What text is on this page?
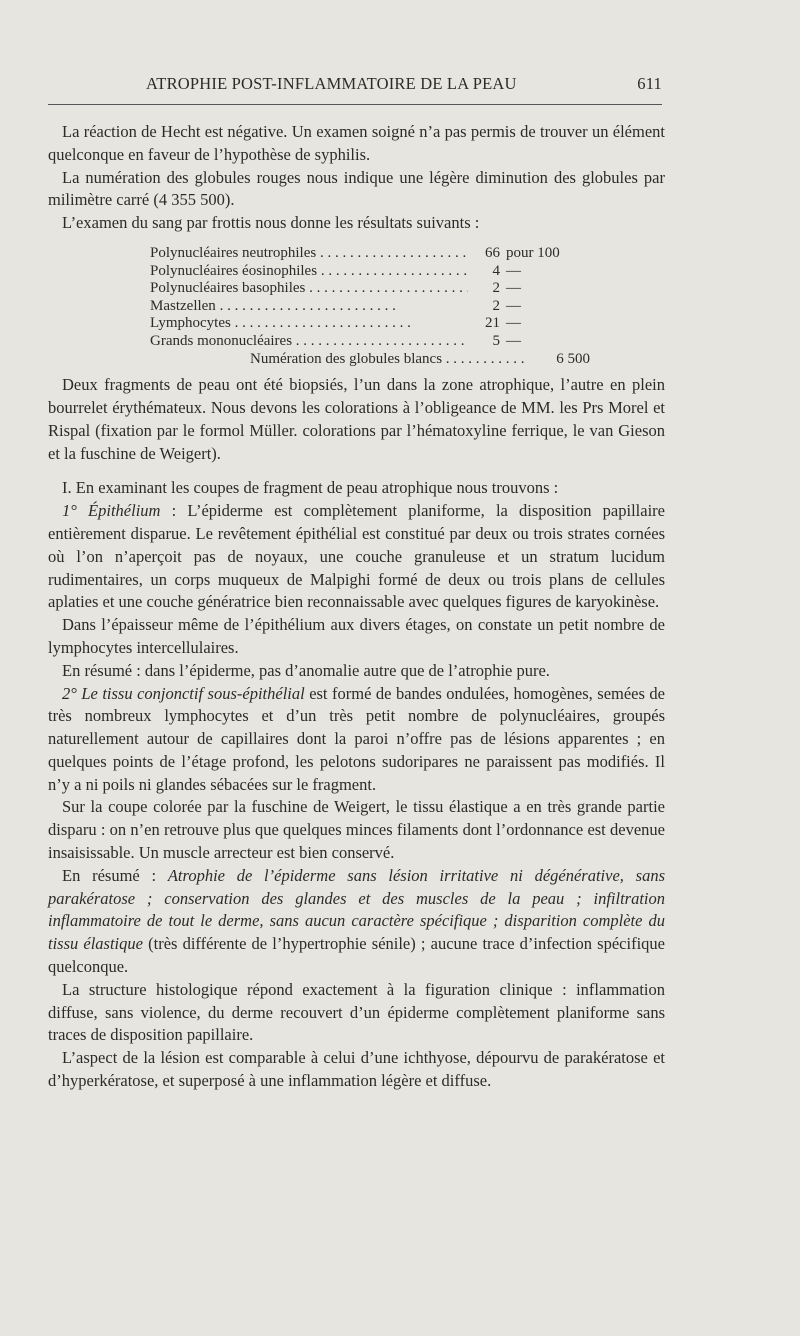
ATROPHIE POST-INFLAMMATOIRE DE LA PEAU	611

La réaction de Hecht est négative. Un examen soigné n’a pas permis de trouver un élément quelconque en faveur de l’hypothèse de syphilis.

La numération des globules rouges nous indique une légère diminution des globules par milimètre carré (4 355 500).

L’examen du sang par frottis nous donne les résultats suivants :

Polynucléaires neutrophiles . . .	66 pour 100
Polynucléaires éosinophiles . . .	4 —
Polynucléaires basophiles . . .	2 —
Mastzellen . . .	2 —
Lymphocytes . . .	21 —
Grands mononucléaires . . .	5 —
Numération des globules blancs . . .	6 500

Deux fragments de peau ont été biopsiés, l’un dans la zone atrophique, l’autre en plein bourrelet érythémateux. Nous devons les colorations à l’obligeance de MM. les Prs Morel et Rispal (fixation par le formol Müller. colorations par l’hématoxyline ferrique, le van Gieson et la fuschine de Weigert).

I. En examinant les coupes de fragment de peau atrophique nous trouvons :

1° Épithélium : L’épiderme est complètement planiforme, la disposition papillaire entièrement disparue. Le revêtement épithélial est constitué par deux ou trois strates cornées où l’on n’aperçoit pas de noyaux, une couche granuleuse et un stratum lucidum rudimentaires, un corps muqueux de Malpighi formé de deux ou trois plans de cellules aplaties et une couche génératrice bien reconnaissable avec quelques figures de karyokinèse.

Dans l’épaisseur même de l’épithélium aux divers étages, on constate un petit nombre de lymphocytes intercellulaires.

En résumé : dans l’épiderme, pas d’anomalie autre que de l’atrophie pure.

2° Le tissu conjonctif sous-épithélial est formé de bandes ondulées, homogènes, semées de très nombreux lymphocytes et d’un très petit nombre de polynucléaires, groupés naturellement autour de capillaires dont la paroi n’offre pas de lésions apparentes ; en quelques points de l’étage profond, les pelotons sudoripares ne paraissent pas modifiés. Il n’y a ni poils ni glandes sébacées sur le fragment.

Sur la coupe colorée par la fuschine de Weigert, le tissu élastique a en très grande partie disparu : on n’en retrouve plus que quelques minces filaments dont l’ordonnance est devenue insaisissable. Un muscle arrecteur est bien conservé.

En résumé : Atrophie de l’épiderme sans lésion irritative ni dégénérative, sans parakératose ; conservation des glandes et des muscles de la peau ; infiltration inflammatoire de tout le derme, sans aucun caractère spécifique ; disparition complète du tissu élastique (très différente de l’hypertrophie sénile) ; aucune trace d’infection spécifique quelconque.

La structure histologique répond exactement à la figuration clinique : inflammation diffuse, sans violence, du derme recouvert d’un épiderme complètement planiforme sans traces de disposition papillaire.

L’aspect de la lésion est comparable à celui d’une ichthyose, dépourvu de parakératose et d’hyperkératose, et superposé à une inflammation légère et diffuse.
